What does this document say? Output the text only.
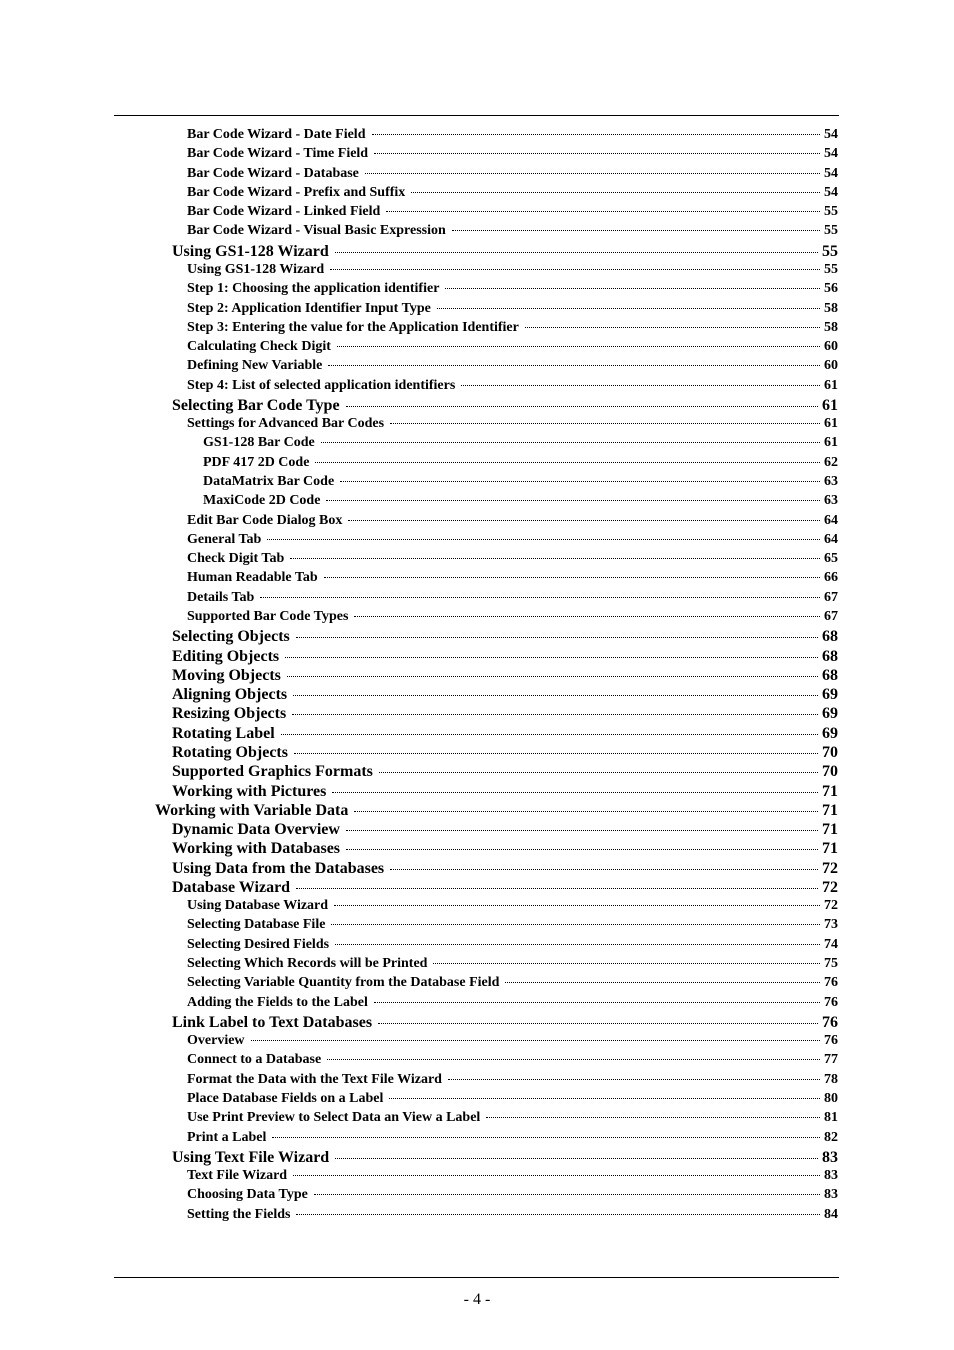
Bar Code Wizard - Date Field	54
Bar Code Wizard - Time Field	54
Bar Code Wizard - Database	54
Bar Code Wizard - Prefix and Suffix	54
Bar Code Wizard - Linked Field	55
Bar Code Wizard - Visual Basic Expression	55
Using GS1-128 Wizard	55
Using GS1-128 Wizard	55
Step 1: Choosing the application identifier	56
Step 2: Application Identifier Input Type	58
Step 3: Entering the value for the Application Identifier	58
Calculating Check Digit	60
Defining New Variable	60
Step 4: List of selected application identifiers	61
Selecting Bar Code Type	61
Settings for Advanced Bar Codes	61
GS1-128 Bar Code	61
PDF 417 2D Code	62
DataMatrix Bar Code	63
MaxiCode 2D Code	63
Edit Bar Code Dialog Box	64
General Tab	64
Check Digit Tab	65
Human Readable Tab	66
Details Tab	67
Supported Bar Code Types	67
Selecting Objects	68
Editing Objects	68
Moving Objects	68
Aligning Objects	69
Resizing Objects	69
Rotating Label	69
Rotating Objects	70
Supported Graphics Formats	70
Working with Pictures	71
Working with Variable Data	71
Dynamic Data Overview	71
Working with Databases	71
Using Data from the Databases	72
Database Wizard	72
Using Database Wizard	72
Selecting Database File	73
Selecting Desired Fields	74
Selecting Which Records will be Printed	75
Selecting Variable Quantity from the Database Field	76
Adding the Fields to the Label	76
Link Label to Text Databases	76
Overview	76
Connect to a Database	77
Format the Data with the Text File Wizard	78
Place Database Fields on a Label	80
Use Print Preview to Select Data an View a Label	81
Print a Label	82
Using Text File Wizard	83
Text File Wizard	83
Choosing Data Type	83
Setting the Fields	84
- 4 -
